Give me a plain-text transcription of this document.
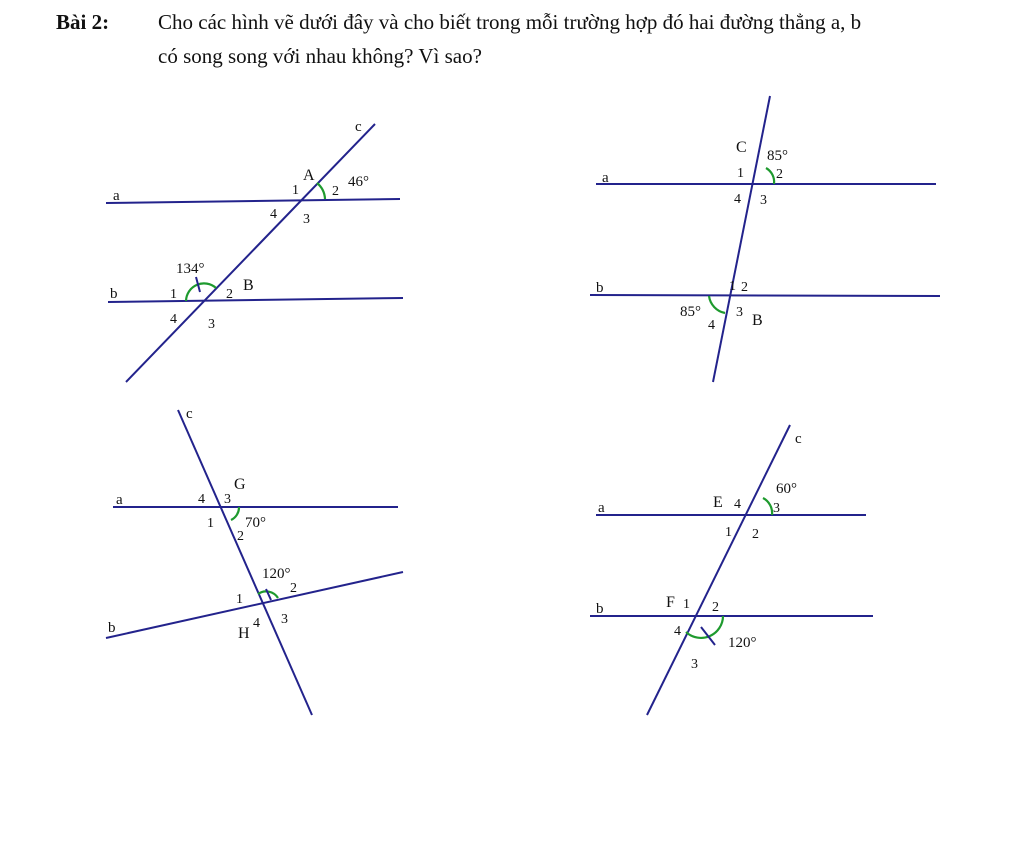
Bài 2: Cho các hình vẽ dưới đây và cho biết trong mỗi trường hợp đó hai đường thẳng a, b
có song song với nhau không? Vì sao?
a
b
c
A
B
1 2
3
4
46°
1	2
3
4
134°
a
b
C
B
85°
1 2
3
4
1 2
3
4
85°
a
b
c
G
H
1
2
3
4
70°
1
2
3
4
120°
a
b
c
E
F
1 2
3
4
60°
1 2
3
4
120°
